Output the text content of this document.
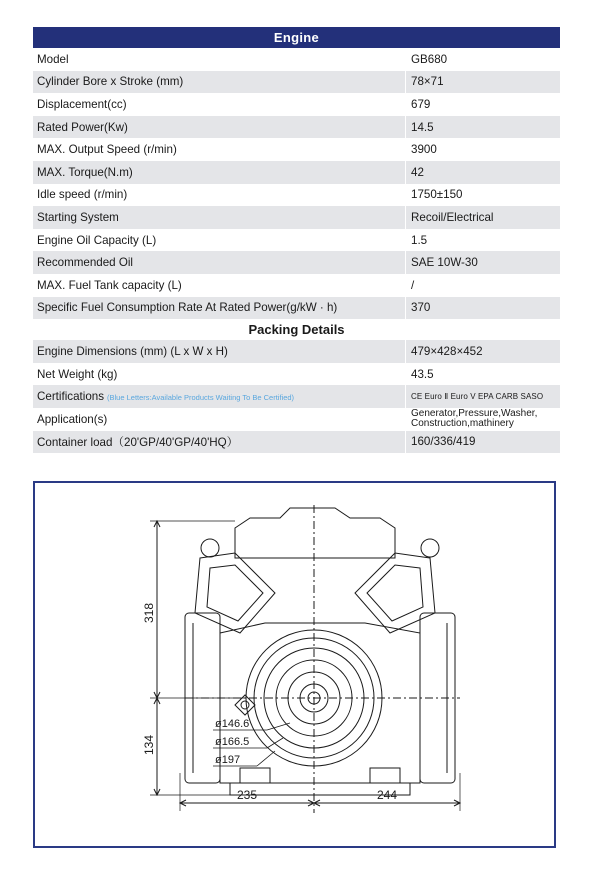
Engine
Model	GB680
Cylinder Bore x Stroke (mm)	78×71
Displacement(cc)	679
Rated Power(Kw)	14.5
MAX. Output Speed (r/min)	3900
MAX. Torque(N.m)	42
Idle speed (r/min)	1750±150
Starting System	Recoil/Electrical
Engine Oil Capacity (L)	1.5
Recommended Oil	SAE 10W-30
MAX. Fuel Tank capacity (L)	/
Specific Fuel Consumption Rate At Rated Power(g/kW · h)	370
Packing Details
Engine Dimensions (mm) (L x W x H)	479×428×452
Net Weight (kg)	43.5
Certifications (Blue Letters:Available Products Waiting To Be Certified)	CE Euro Ⅱ Euro V EPA CARB SASO
Application(s)	Generator,Pressure,Washer,
Construction,mathinery
Container load（20'GP/40'GP/40'HQ）	160/336/419
318
134
235	244
ø146.6
ø166.5
ø197
